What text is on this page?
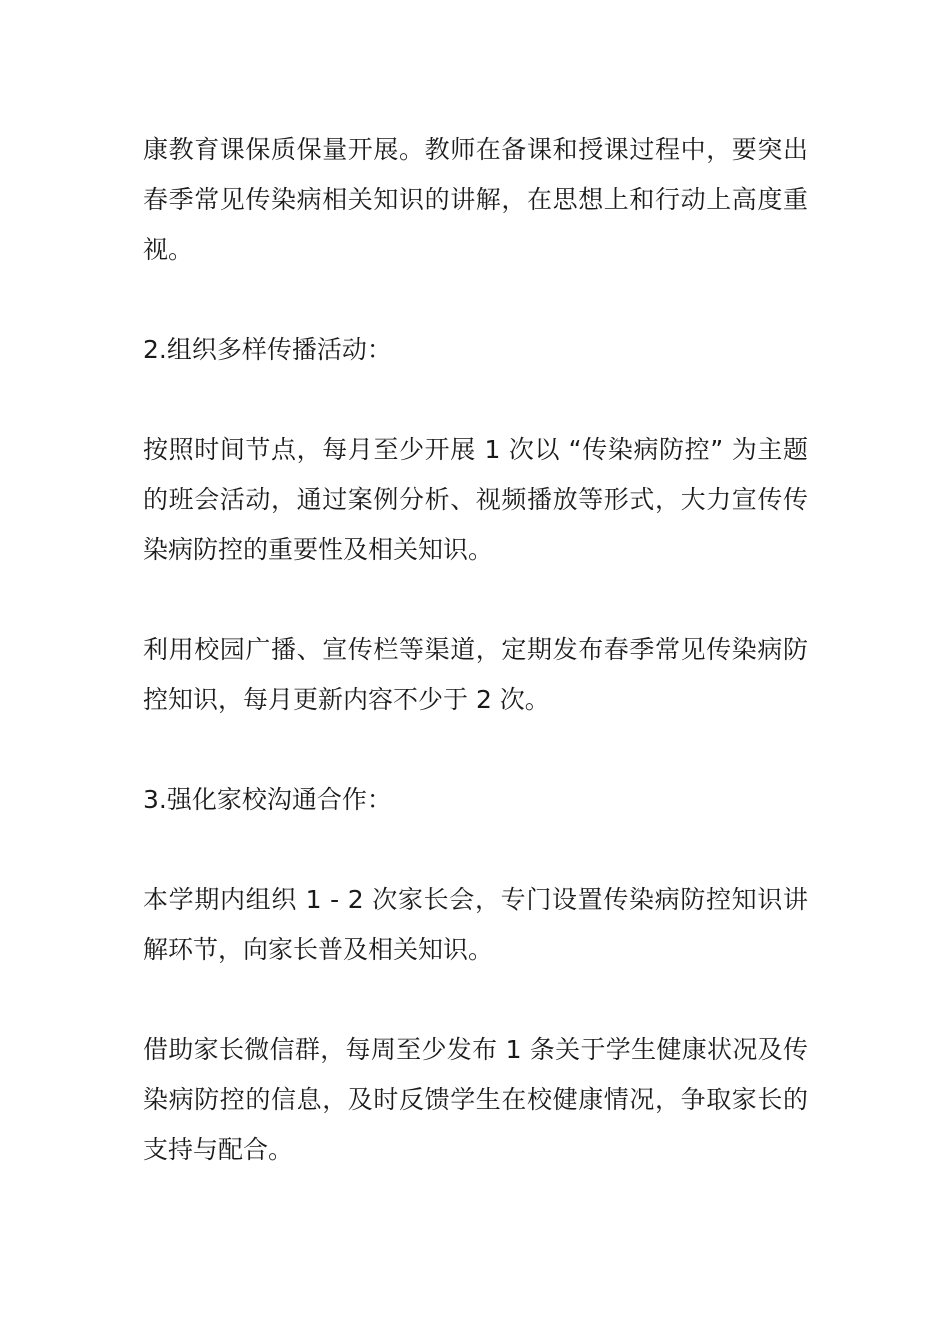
康教育课保质保量开展。教师在备课和授课过程中，要突出春季常见传染病相关知识的讲解，在思想上和行动上高度重视。

2.组织多样传播活动：

按照时间节点，每月至少开展 1 次以 “传染病防控” 为主题的班会活动，通过案例分析、视频播放等形式，大力宣传传染病防控的重要性及相关知识。

利用校园广播、宣传栏等渠道，定期发布春季常见传染病防控知识，每月更新内容不少于 2 次。

3.强化家校沟通合作：

本学期内组织 1 - 2 次家长会，专门设置传染病防控知识讲解环节，向家长普及相关知识。

借助家长微信群，每周至少发布 1 条关于学生健康状况及传染病防控的信息，及时反馈学生在校健康情况，争取家长的支持与配合。
